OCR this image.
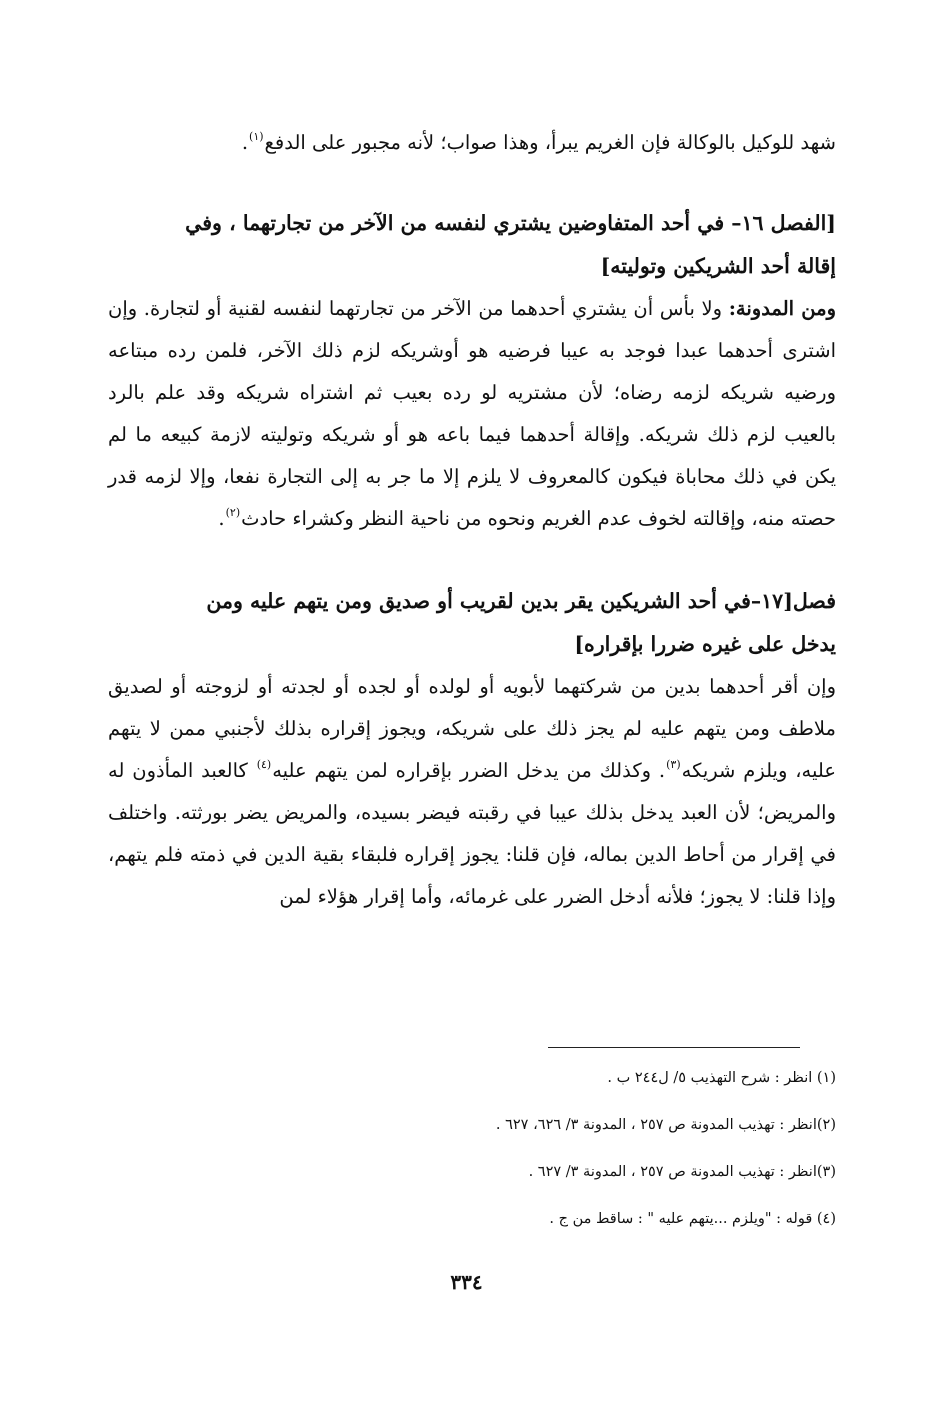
شهد للوكيل بالوكالة فإن الغريم يبرأ، وهذا صواب؛ لأنه مجبور على الدفع$^{(١)}$.

[الفصل ١٦– في أحد المتفاوضين يشتري لنفسه من الآخر من تجارتهما ، وفي

إقالة أحد الشريكين وتوليته]

ومن المدونة: ولا بأس أن يشتري أحدهما من الآخر من تجارتهما لنفسه لقنية أو لتجارة. وإن اشترى أحدهما عبدا فوجد به عيبا فرضيه هو أوشريكه لزم ذلك الآخر، فلمن رده مبتاعه ورضيه شريكه لزمه رضاه؛ لأن مشتريه لو رده بعيب ثم اشتراه شريكه وقد علم بالرد بالعيب لزم ذلك شريكه. وإقالة أحدهما فيما باعه هو أو شريكه وتوليته لازمة كبيعه ما لم يكن في ذلك محاباة فيكون كالمعروف لا يلزم إلا ما جر به إلى التجارة نفعا، وإلا لزمه قدر حصته منه، وإقالته لخوف عدم الغريم ونحوه من ناحية النظر وكشراء حادث$^{(٢)}$.

فصل[١٧–في أحد الشريكين يقر بدين لقريب أو صديق ومن يتهم عليه ومن

يدخل على غيره ضررا بإقراره]

وإن أقر أحدهما بدين من شركتهما لأبويه أو لولده أو لجده أو لجدته أو لزوجته أو لصديق ملاطف ومن يتهم عليه لم يجز ذلك على شريكه، ويجوز إقراره بذلك لأجنبي ممن لا يتهم عليه، ويلزم شريكه$^{(٣)}$. وكذلك من يدخل الضرر بإقراره لمن يتهم عليه$^{(٤)}$ كالعبد المأذون له والمريض؛ لأن العبد يدخل بذلك عيبا في رقبته فيضر بسيده، والمريض يضر بورثته. واختلف في إقرار من أحاط الدين بماله، فإن قلنا: يجوز إقراره فلبقاء بقية الدين في ذمته فلم يتهم، وإذا قلنا: لا يجوز؛ فلأنه أدخل الضرر على غرمائه، وأما إقرار هؤلاء لمن

(١) انظر : شرح التهذيب ٥/ ل٢٤٤ ب .

(٢)انظر : تهذيب المدونة ص ٢٥٧ ، المدونة ٣/ ٦٢٦، ٦٢٧ .

(٣)انظر : تهذيب المدونة ص ٢٥٧ ، المدونة ٣/ ٦٢٧ .

(٤) قوله : "ويلزم ...يتهم عليه " : ساقط من ج .

٣٣٤
